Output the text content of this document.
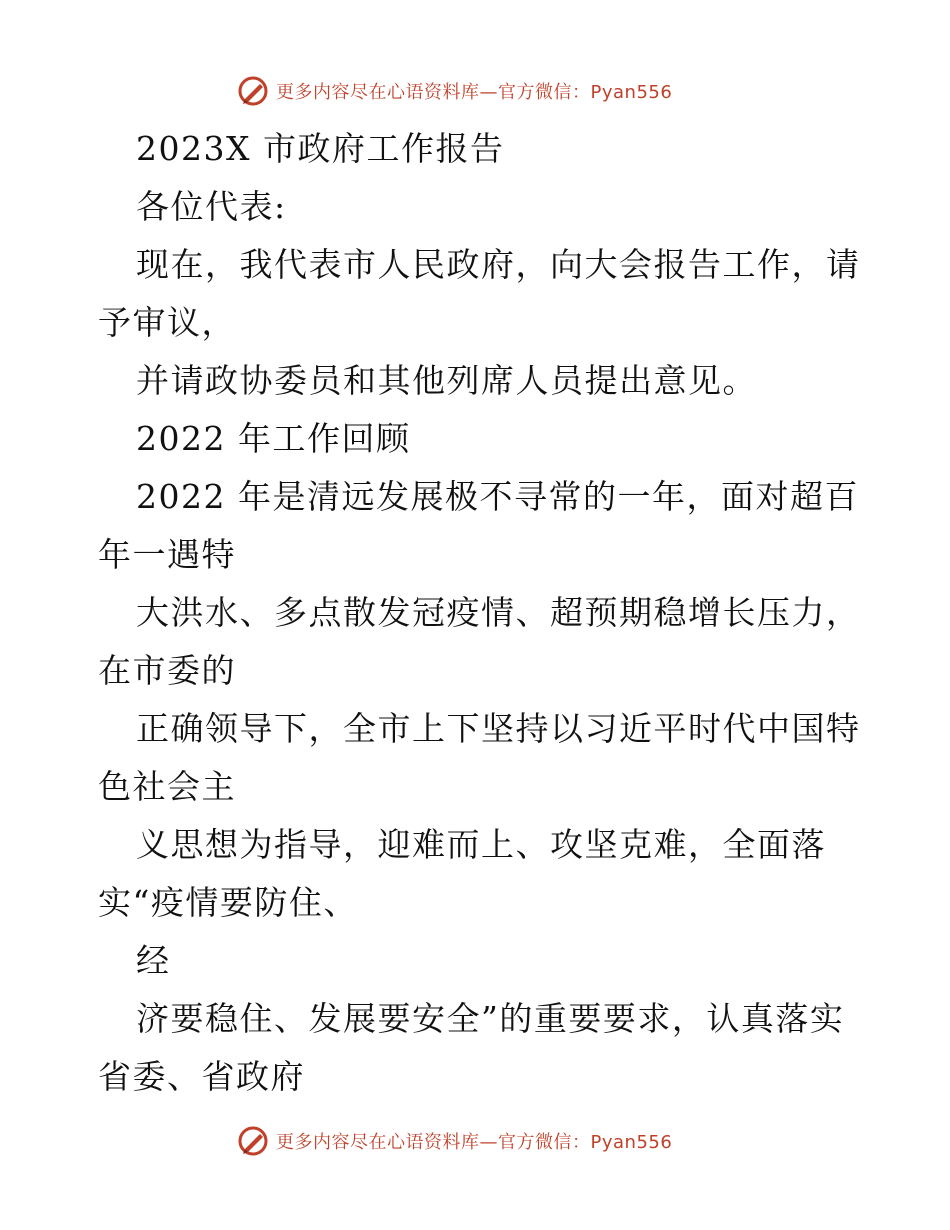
更多内容尽在心语资料库—官方微信：Pyan556
2023X 市政府工作报告
各位代表:
现在，我代表市人民政府，向大会报告工作，请
予审议，
并请政协委员和其他列席人员提出意见。
2022 年工作回顾
2022 年是清远发展极不寻常的一年，面对超百
年一遇特
大洪水、多点散发冠疫情、超预期稳增长压力，
在市委的
正确领导下，全市上下坚持以习近平时代中国特
色社会主
义思想为指导，迎难而上、攻坚克难，全面落
实“疫情要防住、
经
济要稳住、发展要安全”的重要要求，认真落实
省委、省政府
更多内容尽在心语资料库—官方微信：Pyan556
